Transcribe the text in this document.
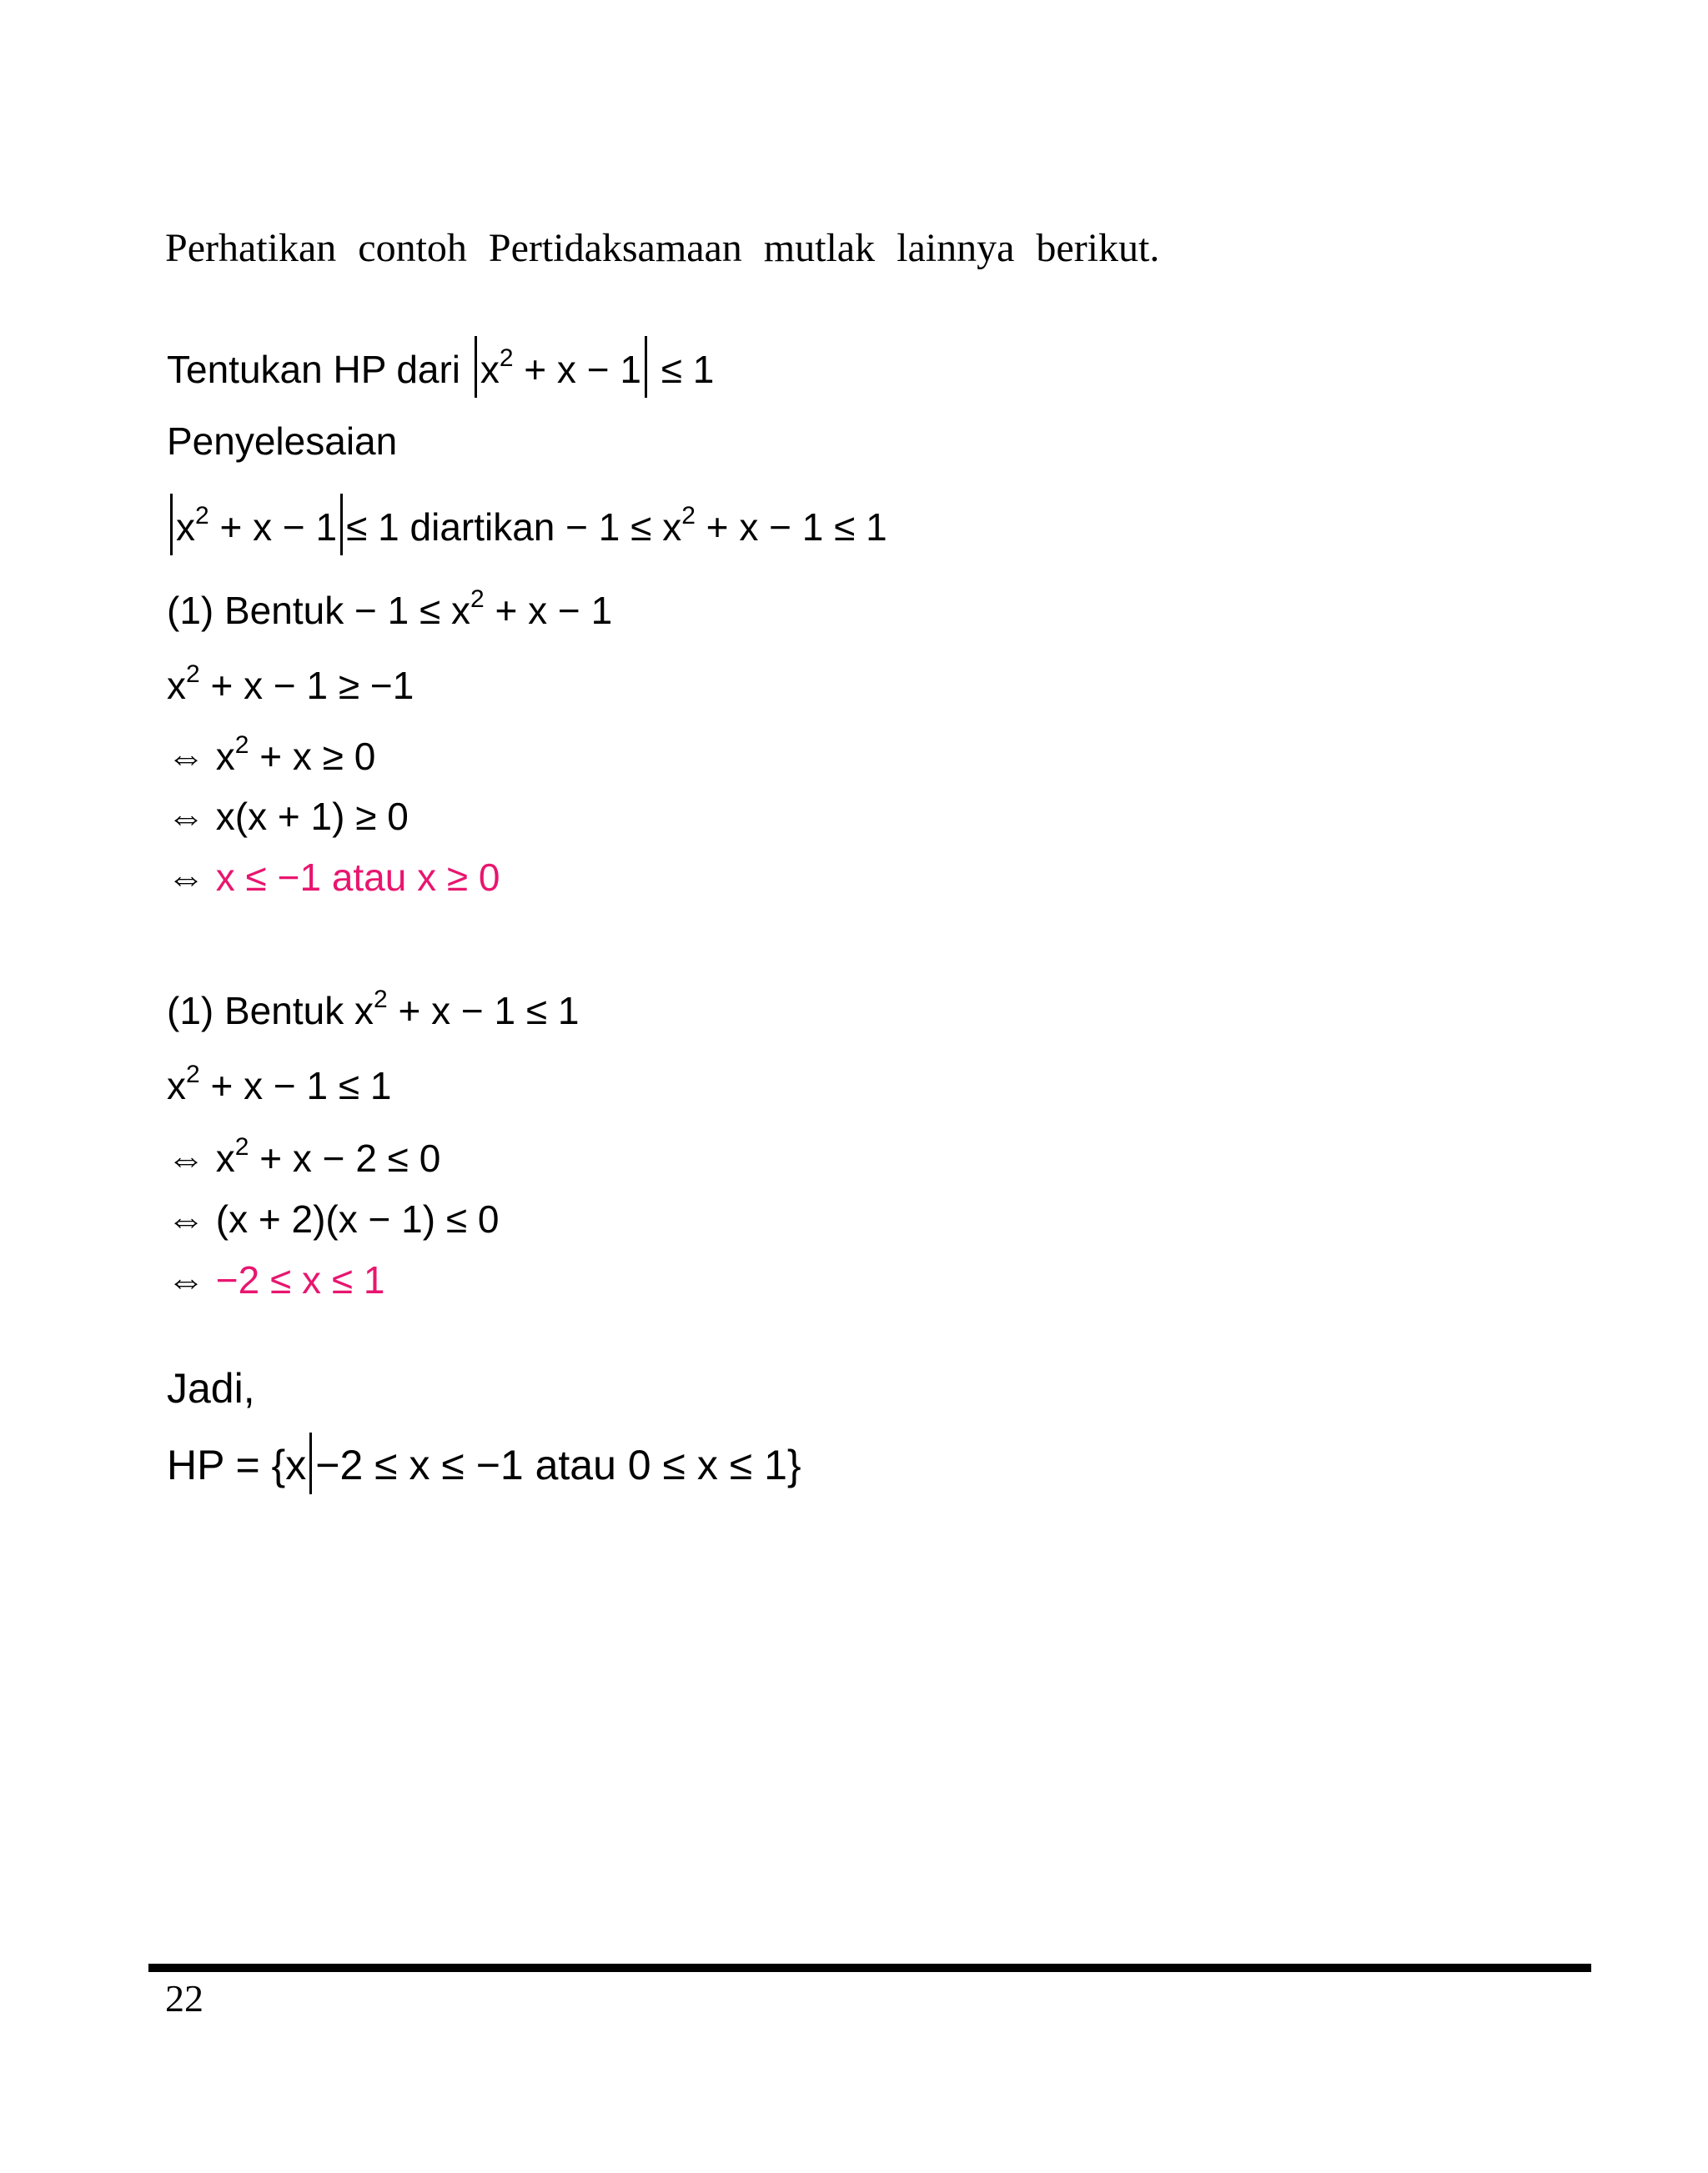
Perhatikan contoh Pertidaksamaan mutlak lainnya berikut.
Tentukan HP dari $x^2 + x - 1 \le 1$
Penyelesaian
$x^2 + x - 1 \le 1$ diartikan − $1 \le x^2 + x - 1 \le 1$
(1) Bentuk − $1 \le x^2 + x - 1$
$x^2 + x - 1 \ge -1$
⇔ $x^2 + x \ge 0$
⇔ x(x + 1) ≥ 0
⇔ x ≤ −1 atau x ≥ 0
(1) Bentuk $x^2 + x - 1 \le 1$
$x^2 + x - 1 \le 1$
⇔ $x^2 + x - 2 \le 0$
⇔ (x + 2)(x − 1) ≤ 0
⇔ −2 ≤ x ≤ 1
Jadi,
HP = {x −2 ≤ x ≤ −1 atau 0 ≤ x ≤ 1}
22
